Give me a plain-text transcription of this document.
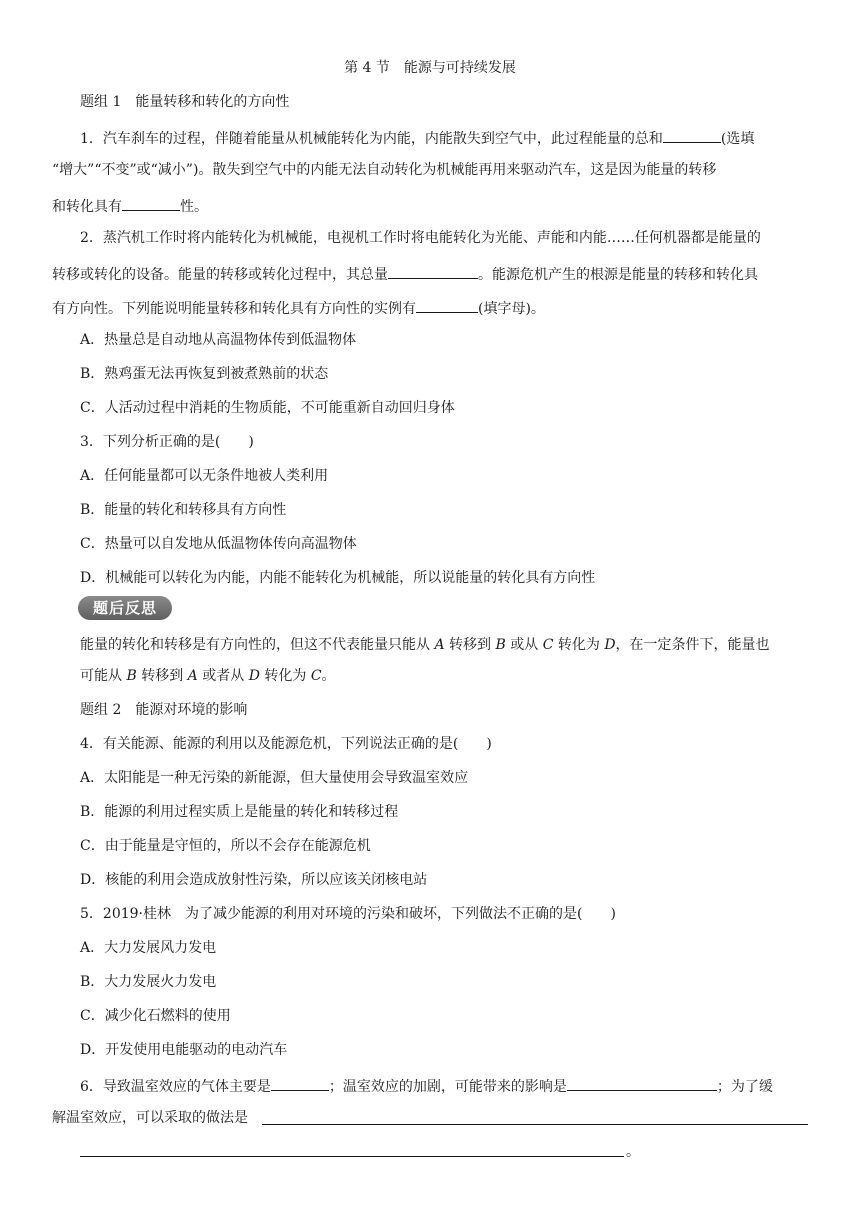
第 4 节　能源与可持续发展
题组 1　能量转移和转化的方向性
1．汽车刹车的过程，伴随着能量从机械能转化为内能，内能散失到空气中，此过程能量的总和	(选填
“增大”“不变”或“减小”)。散失到空气中的内能无法自动转化为机械能再用来驱动汽车，这是因为能量的转移
和转化具有	性。
2．蒸汽机工作时将内能转化为机械能，电视机工作时将电能转化为光能、声能和内能……任何机器都是能量的
转移或转化的设备。能量的转移或转化过程中，其总量	。能源危机产生的根源是能量的转移和转化具
有方向性。下列能说明能量转移和转化具有方向性的实例有	(填字母)。
A．热量总是自动地从高温物体传到低温物体
B．熟鸡蛋无法再恢复到被煮熟前的状态
C．人活动过程中消耗的生物质能，不可能重新自动回归身体
3．下列分析正确的是(　　)
A．任何能量都可以无条件地被人类利用
B．能量的转化和转移具有方向性
C．热量可以自发地从低温物体传向高温物体
D．机械能可以转化为内能，内能不能转化为机械能，所以说能量的转化具有方向性
题后反思
能量的转化和转移是有方向性的，但这不代表能量只能从 A 转移到 B 或从 C 转化为 D，在一定条件下，能量也
可能从 B 转移到 A 或者从 D 转化为 C。
题组 2　能源对环境的影响
4．有关能源、能源的利用以及能源危机，下列说法正确的是(　　)
A．太阳能是一种无污染的新能源，但大量使用会导致温室效应
B．能源的利用过程实质上是能量的转化和转移过程
C．由于能量是守恒的，所以不会存在能源危机
D．核能的利用会造成放射性污染，所以应该关闭核电站
5．2019·桂林　为了减少能源的利用对环境的污染和破坏，下列做法不正确的是(　　)
A．大力发展风力发电
B．大力发展火力发电
C．减少化石燃料的使用
D．开发使用电能驱动的电动汽车
6．导致温室效应的气体主要是	；温室效应的加剧，可能带来的影响是	；为了缓
解温室效应，可以采取的做法是
。
